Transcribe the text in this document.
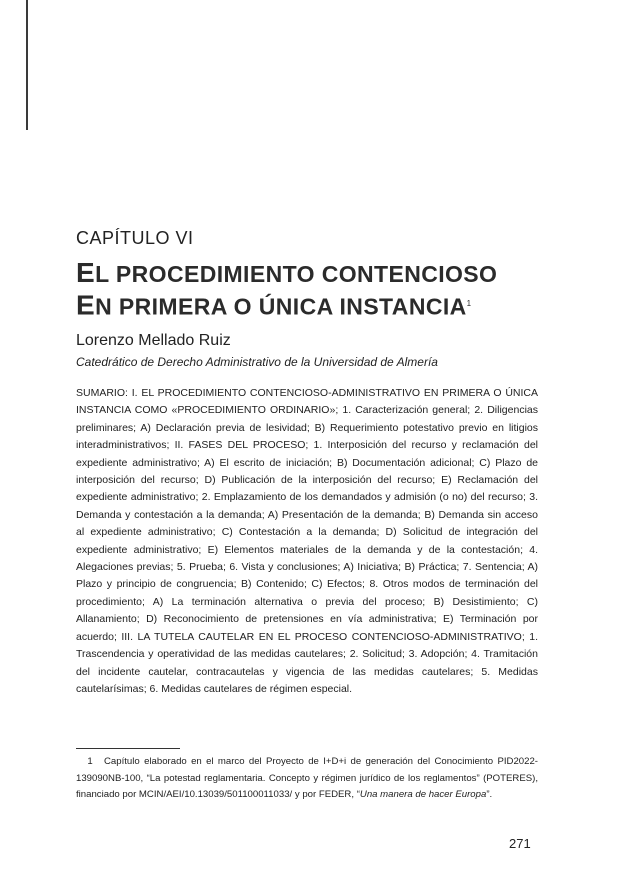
CAPÍTULO VI
EL PROCEDIMIENTO CONTENCIOSO
EN PRIMERA O ÚNICA INSTANCIA$^1$
Lorenzo Mellado Ruiz
Catedrático de Derecho Administrativo de la Universidad de Almería
SUMARIO: I. EL PROCEDIMIENTO CONTENCIOSO-ADMINISTRATIVO EN PRIMERA O ÚNICA INSTANCIA COMO «PROCEDIMIENTO ORDINARIO»; 1. Caracterización general; 2. Diligencias preliminares; A) Declaración previa de lesividad; B) Requerimiento potestativo previo en litigios interadministrativos; II. FASES DEL PROCESO; 1. Interposición del recurso y reclamación del expediente administrativo; A) El escrito de iniciación; B) Documentación adicional; C) Plazo de interposición del recurso; D) Publicación de la interposición del recurso; E) Reclamación del expediente administrativo; 2. Emplazamiento de los demandados y admisión (o no) del recurso; 3. Demanda y contestación a la demanda; A) Presentación de la demanda; B) Demanda sin acceso al expediente administrativo; C) Contestación a la demanda; D) Solicitud de integración del expediente administrativo; E) Elementos materiales de la demanda y de la contestación; 4. Alegaciones previas; 5. Prueba; 6. Vista y conclusiones; A) Iniciativa; B) Práctica; 7. Sentencia; A) Plazo y principio de congruencia; B) Contenido; C) Efectos; 8. Otros modos de terminación del procedimiento; A) La terminación alternativa o previa del proceso; B) Desistimiento; C) Allanamiento; D) Reconocimiento de pretensiones en vía administrativa; E) Terminación por acuerdo; III. LA TUTELA CAUTELAR EN EL PROCESO CONTENCIOSO-ADMINISTRATIVO; 1. Trascendencia y operatividad de las medidas cautelares; 2. Solicitud; 3. Adopción; 4. Tramitación del incidente cautelar, contracautelas y vigencia de las medidas cautelares; 5. Medidas cautelarísimas; 6. Medidas cautelares de régimen especial.
1 Capítulo elaborado en el marco del Proyecto de I+D+i de generación del Conocimiento PID2022-139090NB-100, “La potestad reglamentaria. Concepto y régimen jurídico de los reglamentos” (POTERES), financiado por MCIN/AEI/10.13039/501100011033/ y por FEDER, “Una manera de hacer Europa”.
271
